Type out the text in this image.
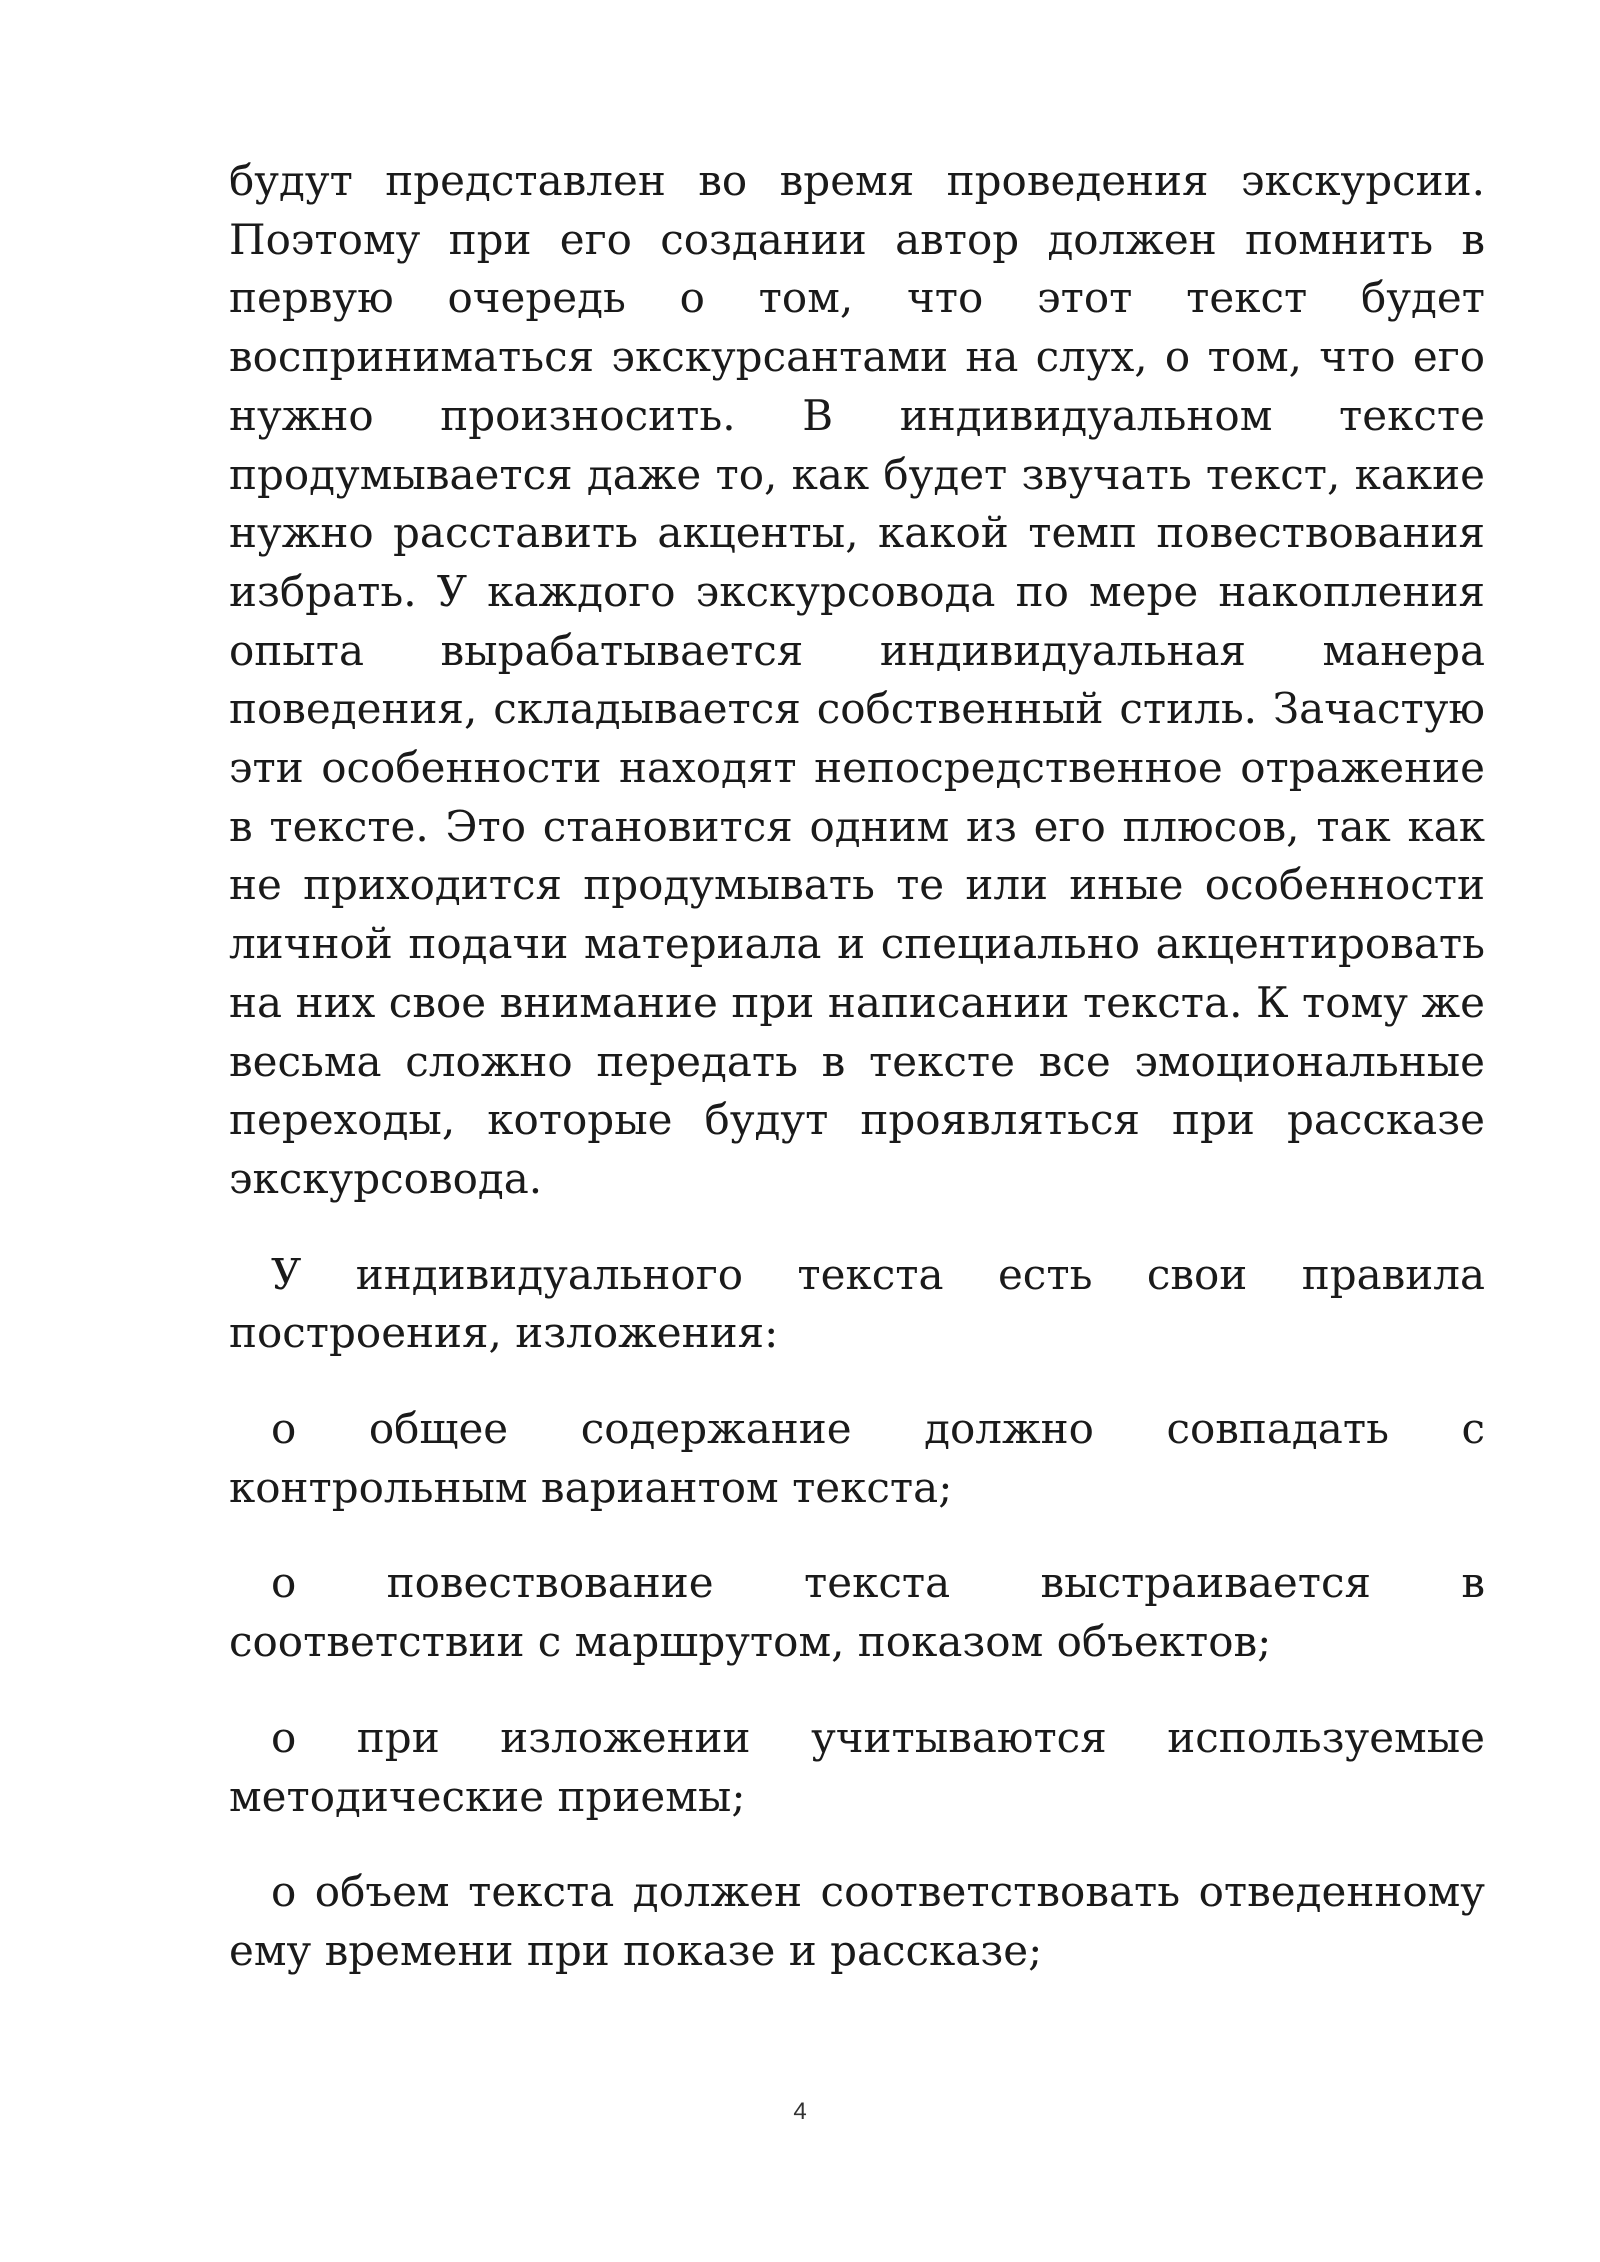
будут представлен во время проведения экскурсии. Поэтому при его создании автор должен помнить в первую очередь о том, что этот текст будет восприниматься экскурсантами на слух, о том, что его нужно произносить. В индивидуальном тексте продумывается даже то, как будет звучать текст, какие нужно расставить акценты, какой темп повествования избрать. У каждого экскурсовода по мере накопления опыта вырабатывается индивидуальная манера поведения, складывается собственный стиль. Зачастую эти особенности находят непосредственное отражение в тексте. Это становится одним из его плюсов, так как не приходится продумывать те или иные особенности личной подачи материала и специально акцентировать на них свое внимание при написании текста. К тому же весьма сложно передать в тексте все эмоциональные переходы, которые будут проявляться при рассказе экскурсовода.

У индивидуального текста есть свои правила построения, изложения:

о общее содержание должно совпадать с контрольным вариантом текста;

о повествование текста выстраивается в соответствии с маршрутом, показом объектов;

о при изложении учитываются используемые методические приемы;

о объем текста должен соответствовать отведенному ему времени при показе и рассказе;

4
